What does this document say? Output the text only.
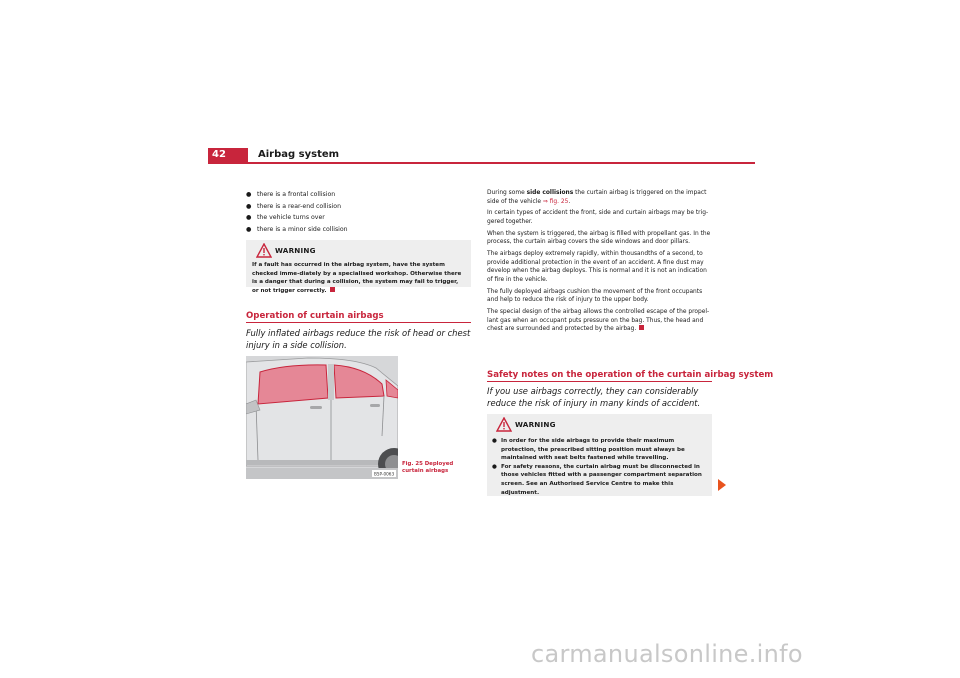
42	Airbag system
● there is a frontal collision
● there is a rear-end collision
● the vehicle turns over
● there is a minor side collision
WARNING
If a fault has occurred in the airbag system, have the system checked imme-diately by a specialised workshop. Otherwise there is a danger that during a collision, the system may fail to trigger, or not trigger correctly.
Operation of curtain airbags
Fully inflated airbags reduce the risk of head or chest injury in a side collision.
B5P-0063
Fig. 25 Deployed curtain airbags

During some side collisions the curtain airbag is triggered on the impact side of the vehicle ⇒ fig. 25.

In certain types of accident the front, side and curtain airbags may be trig-gered together.

When the system is triggered, the airbag is filled with propellant gas. In the process, the curtain airbag covers the side windows and door pillars.

The airbags deploy extremely rapidly, within thousandths of a second, to provide additional protection in the event of an accident. A fine dust may develop when the airbag deploys. This is normal and it is not an indication of fire in the vehicle.

The fully deployed airbags cushion the movement of the front occupants and help to reduce the risk of injury to the upper body.

The special design of the airbag allows the controlled escape of the propel-lant gas when an occupant puts pressure on the bag. Thus, the head and chest are surrounded and protected by the airbag.

Safety notes on the operation of the curtain airbag system
If you use airbags correctly, they can considerably reduce the risk of injury in many kinds of accident.
WARNING
● In order for the side airbags to provide their maximum protection, the prescribed sitting position must always be maintained with seat belts fastened while travelling.
● For safety reasons, the curtain airbag must be disconnected in those vehicles fitted with a passenger compartment separation screen. See an Authorised Service Centre to make this adjustment.
carmanualsonline.info
